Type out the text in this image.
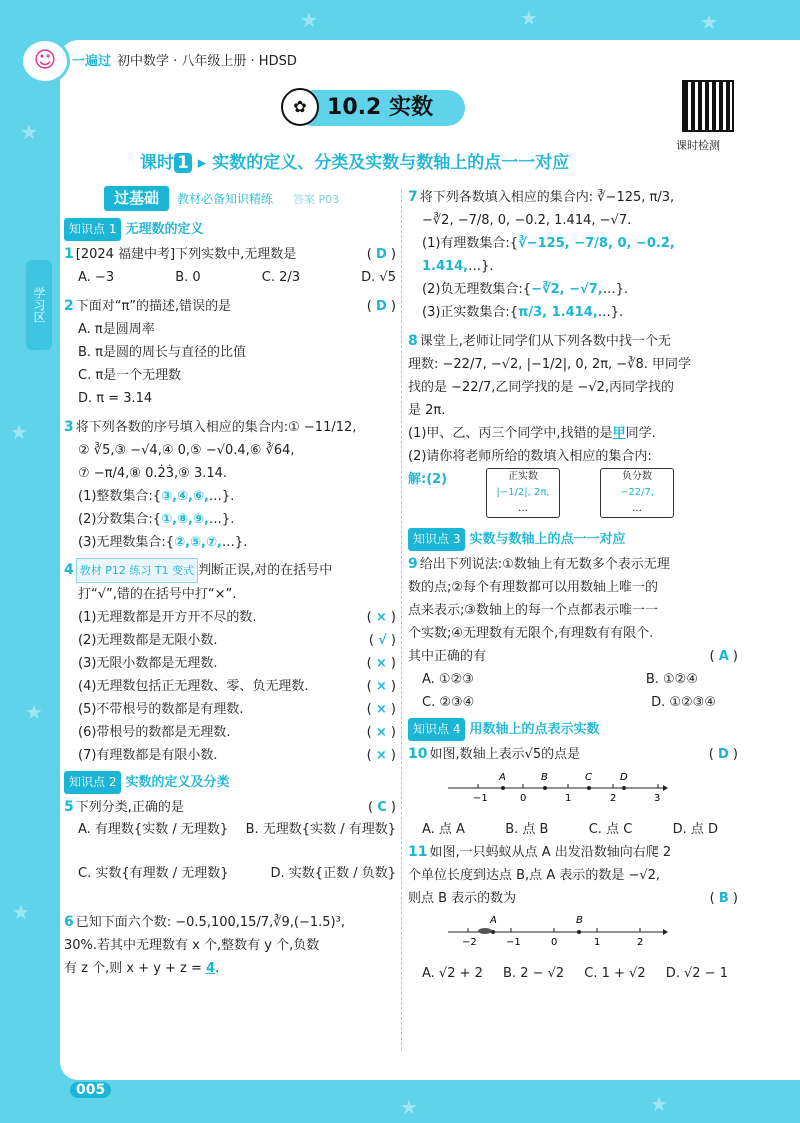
★
★
★
★
★	★	★
★	★
☺	一遍过 初中数学 · 八年级上册 · HDSD
学习区
✿ 10.2 实数
课时检测
课时 1 ▸ 实数的定义、分类及实数与数轴上的点一一对应
过基础 教材必备知识精练 答案 P03
知识点 1 无理数的定义
1 [2024 福建中考]下列实数中,无理数是	( D )
A. −3	B. 0	C. 2/3	D. √5
2 下面对“π”的描述,错误的是	( D )
A. π是圆周率
B. π是圆的周长与直径的比值
C. π是一个无理数
D. π = 3.14
3 将下列各数的序号填入相应的集合内:① −11/12,
② ∛5,③ −√4,④ 0,⑤ −√0.4,⑥ ∛64,
⑦ −π/4,⑧ 0.2̇3̇,⑨ 3.14.
(1)整数集合:{③,④,⑥,…}.
(2)分数集合:{①,⑧,⑨,…}.
(3)无理数集合:{②,⑤,⑦,…}.
4 教材 P12 练习 T1 变式 判断正误,对的在括号中
打“√”,错的在括号中打“×”.
(1)无理数都是开方开不尽的数.	( × )
(2)无理数都是无限小数.	( √ )
(3)无限小数都是无理数.	( × )
(4)无理数包括正无理数、零、负无理数.	( × )
(5)不带根号的数都是有理数.	( × )
(6)带根号的数都是无理数.	( × )
(7)有理数都是有限小数.	( × )
知识点 2 实数的定义及分类
5 下列分类,正确的是	( C )
A. 有理数{实数 / 无理数} B. 无理数{实数 / 有理数}
C. 实数{有理数 / 无理数}	D. 实数{正数 / 负数}
6 已知下面六个数: −0.5,100,15/7,∛9,(−1.5)³,
30%.若其中无理数有 x 个,整数有 y 个,负数
有 z 个,则 x + y + z = 4.
7 将下列各数填入相应的集合内: ∛−125, π/3,
−∛2, −7/8, 0, −0.2̇, 1.414, −√7.
(1)有理数集合:{∛−125, −7/8, 0, −0.2̇, 1.414,…}.
(2)负无理数集合:{−∛2, −√7,…}.
(3)正实数集合:{π/3, 1.414,…}.
8 课堂上,老师让同学们从下列各数中找一个无
理数: −22/7, −√2, |−1/2|, 0, 2π, −∛8. 甲同学
找的是 −22/7,乙同学找的是 −√2,丙同学找的
是 2π.
(1)甲、乙、丙三个同学中,找错的是甲同学.
(2)请你将老师所给的数填入相应的集合内:
解:(2)	正实数
|−1/2|, 2π,
…
负分数
−22/7,
…
知识点 3 实数与数轴上的点一一对应
9 给出下列说法:①数轴上有无数多个表示无理
数的点;②每个有理数都可以用数轴上唯一的
点来表示;③数轴上的每一个点都表示唯一一
个实数;④无理数有无限个,有理数有有限个.
其中正确的有	( A )
A. ①②③	B. ①②④
C. ②③④	D. ①②③④
知识点 4 用数轴上的点表示实数
10 如图,数轴上表示√5的点是	( D )
−1	0	1	2	3
A	B	C	D
A. 点 A	B. 点 B	C. 点 C	D. 点 D
11 如图,一只蚂蚁从点 A 出发沿数轴向右爬 2
个单位长度到达点 B,点 A 表示的数是 −√2,
则点 B 表示的数为	( B )
−2	−1	0	1	2
A	B
A. √2 + 2 B. 2 − √2 C. 1 + √2 D. √2 − 1
005
